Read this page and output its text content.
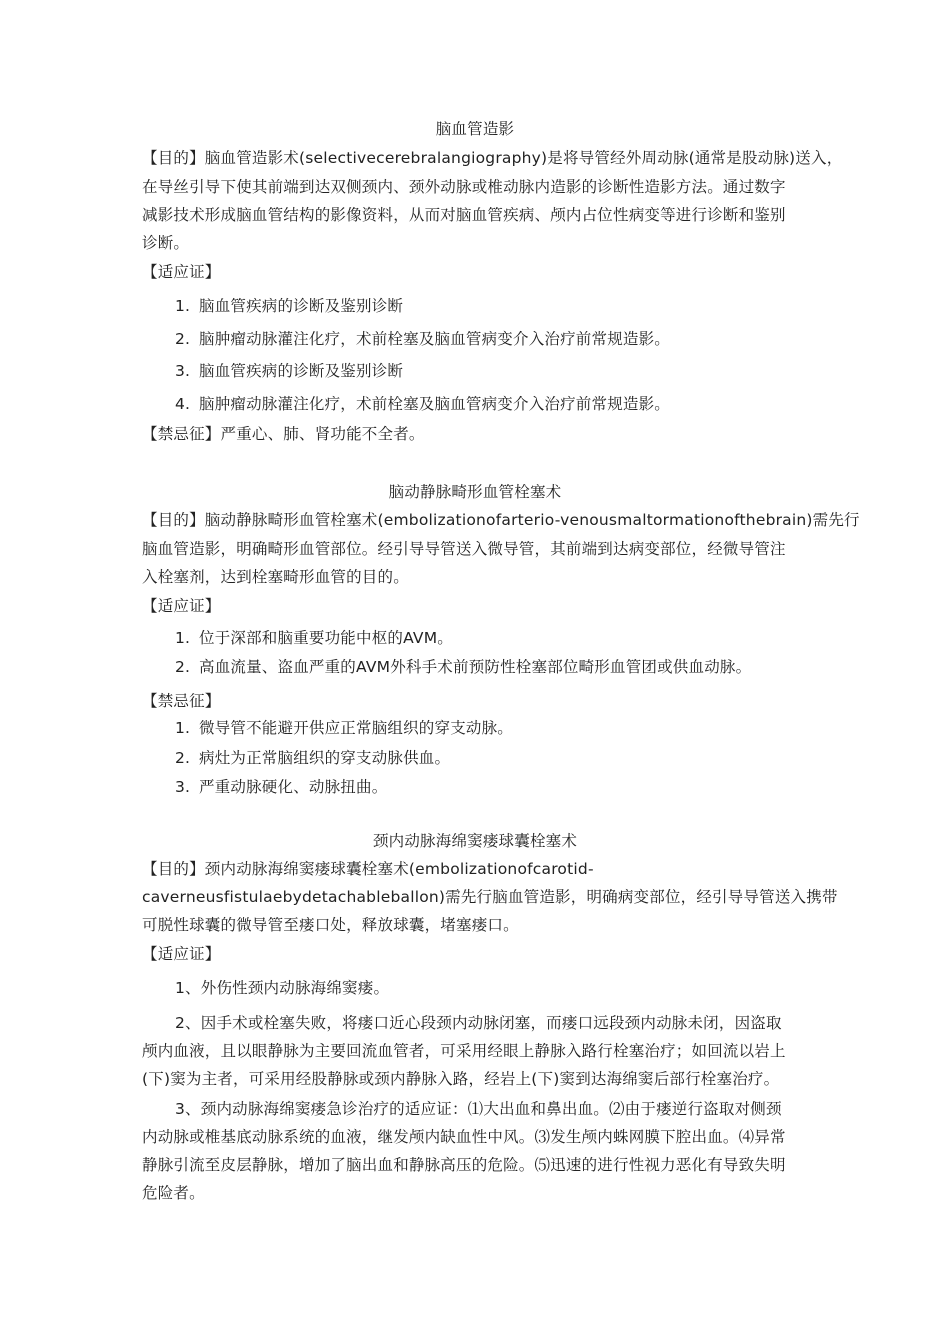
脑血管造影
【目的】脑血管造影术(selectivecerebralangiography)是将导管经外周动脉(通常是股动脉)送入，
在导丝引导下使其前端到达双侧颈内、颈外动脉或椎动脉内造影的诊断性造影方法。通过数字
减影技术形成脑血管结构的影像资料，从而对脑血管疾病、颅内占位性病变等进行诊断和鉴别
诊断。
【适应证】
1. 脑血管疾病的诊断及鉴别诊断
2. 脑肿瘤动脉灌注化疗，术前栓塞及脑血管病变介入治疗前常规造影。
3. 脑血管疾病的诊断及鉴别诊断
4. 脑肿瘤动脉灌注化疗，术前栓塞及脑血管病变介入治疗前常规造影。
【禁忌征】严重心、肺、肾功能不全者。
脑动静脉畸形血管栓塞术
【目的】脑动静脉畸形血管栓塞术(embolizationofarterio-venousmaltormationofthebrain)需先行
脑血管造影，明确畸形血管部位。经引导导管送入微导管，其前端到达病变部位，经微导管注
入栓塞剂，达到栓塞畸形血管的目的。
【适应证】
1. 位于深部和脑重要功能中枢的AVM。
2. 高血流量、盗血严重的AVM外科手术前预防性栓塞部位畸形血管团或供血动脉。
【禁忌征】
1. 微导管不能避开供应正常脑组织的穿支动脉。
2. 病灶为正常脑组织的穿支动脉供血。
3. 严重动脉硬化、动脉扭曲。
颈内动脉海绵窦瘘球囊栓塞术
【目的】颈内动脉海绵窦瘘球囊栓塞术(embolizationofcarotid-
caverneusfistulaebydetachableballon)需先行脑血管造影，明确病变部位，经引导导管送入携带
可脱性球囊的微导管至瘘口处，释放球囊，堵塞瘘口。
【适应证】
1、外伤性颈内动脉海绵窦瘘。
2、因手术或栓塞失败，将瘘口近心段颈内动脉闭塞，而瘘口远段颈内动脉未闭，因盗取
颅内血液，且以眼静脉为主要回流血管者，可采用经眼上静脉入路行栓塞治疗；如回流以岩上
(下)窦为主者，可采用经股静脉或颈内静脉入路，经岩上(下)窦到达海绵窦后部行栓塞治疗。
3、颈内动脉海绵窦瘘急诊治疗的适应证：⑴大出血和鼻出血。⑵由于瘘逆行盗取对侧颈
内动脉或椎基底动脉系统的血液，继发颅内缺血性中风。⑶发生颅内蛛网膜下腔出血。⑷异常
静脉引流至皮层静脉，增加了脑出血和静脉高压的危险。⑸迅速的进行性视力恶化有导致失明
危险者。
